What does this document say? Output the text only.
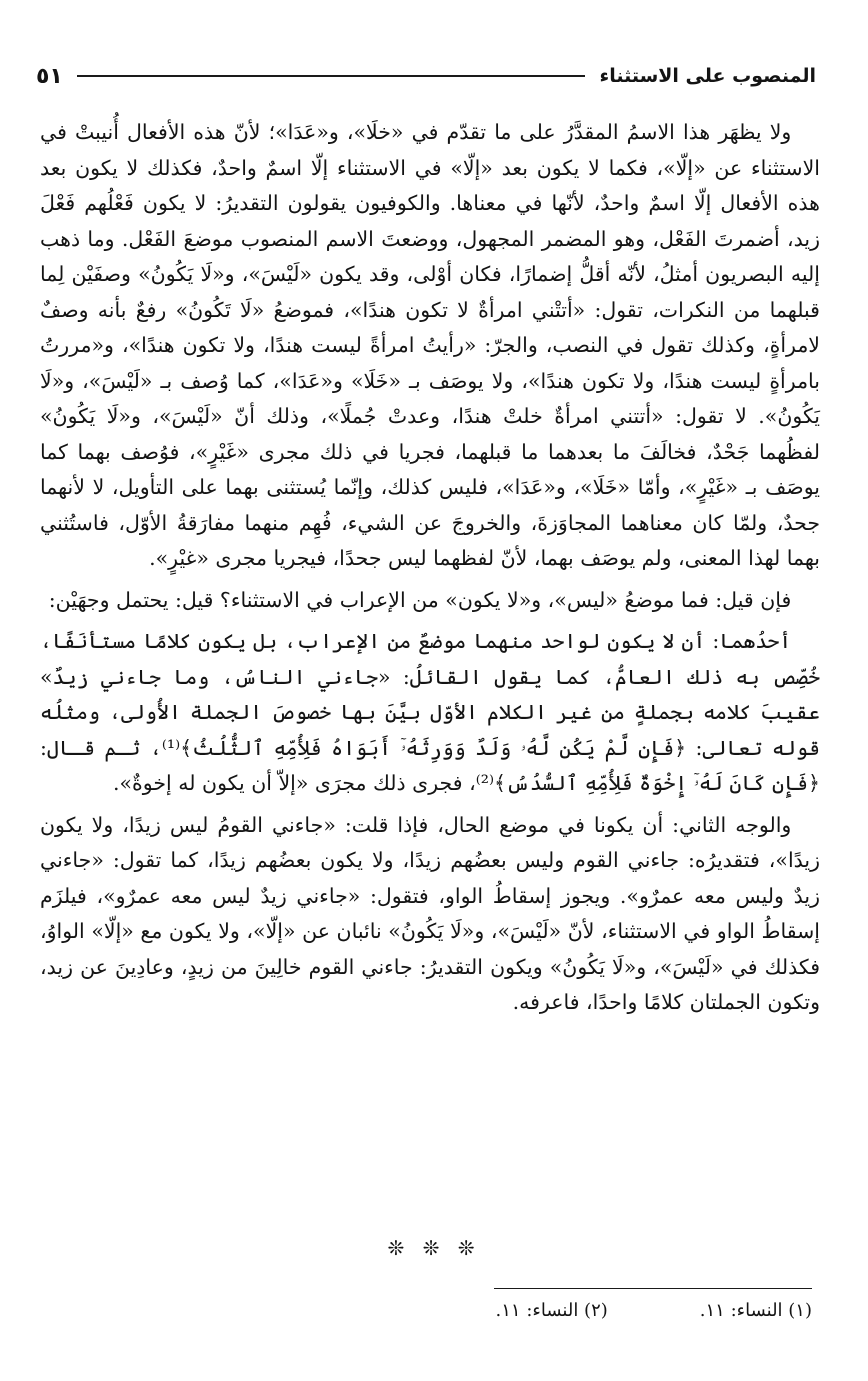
المنصوب على الاستثناء
٥١

ولا يظهَر هذا الاسمُ المقدَّرُ على ما تقدّم في «خلَا»، و«عَدَا»؛ لأنّ هذه الأفعال أُنيبتْ في الاستثناء عن «إلّا»، فكما لا يكون بعد «إلّا» في الاستثناء إلّا اسمٌ واحدٌ، فكذلك لا يكون بعد هذه الأفعال إلّا اسمٌ واحدٌ، لأنّها في معناها. والكوفيون يقولون التقديرُ: لا يكون فَعْلُهم فَعْلَ زيد، أضمرتَ الفَعْل، وهو المضمر المجهول، ووضعتَ الاسم المنصوب موضعَ الفَعْل. وما ذهب إليه البصريون أمثلُ، لأنّه أقلُّ إضمارًا، فكان أوْلى، وقد يكون «لَيْسَ»، و«لَا يَكُونُ» وصفَيْن لِما قبلهما من النكرات، تقول: «أتتْني امرأةٌ لا تكون هندًا»، فموضعُ «لَا تَكُونُ» رفعٌ بأنه وصفٌ لامرأةٍ، وكذلك تقول في النصب، والجرّ: «رأيتُ امرأةً ليست هندًا، ولا تكون هندًا»، و«مررتُ بامرأةٍ ليست هندًا، ولا تكون هندًا»، ولا يوصَف بـ «خَلَا» و«عَدَا»، كما وُصف بـ «لَيْسَ»، و«لَا يَكُونُ». لا تقول: «أتتني امرأةٌ خلتْ هندًا، وعدتْ جُملًا»، وذلك أنّ «لَيْسَ»، و«لَا يَكُونُ» لفظُهما جَحْدٌ، فخالَفَ ما بعدهما ما قبلهما، فجريا في ذلك مجرى «غَيْرٍ»، فوُصف بهما كما يوصَف بـ «غَيْرٍ»، وأمّا «خَلَا»، و«عَدَا»، فليس كذلك، وإنّما يُستثنى بهما على التأويل، لا لأنهما جحدٌ، ولمّا كان معناهما المجاوَزةَ، والخروجَ عن الشيء، فُهِم منهما مفارَقةُ الأوّل، فاستُثني بهما لهذا المعنى، ولم يوصَف بهما، لأنّ لفظهما ليس جحدًا، فيجريا مجرى «غيْرٍ».

فإن قيل: فما موضعُ «ليس»، و«لا يكون» من الإعراب في الاستثناء؟ قيل: يحتمل وجهَيْن:

أحدُهما: أن لا يكون لواحد منهما موضعٌ من الإعراب، بل يكون كلامًا مستأنَفًا، خُصِّص به ذلك العامُّ، كما يقول القائلُ: «جاءني الناسُ، وما جاءني زيدٌ» عقيبَ كلامه بجملةٍ من غير الكلام الأوّل بيَّنَ بها خصوصَ الجملة الأُولى، ومثلُه قوله تعالى: ﴿فَإِن لَّمْ يَكُن لَّهُۥ وَلَدٌ وَوَرِثَهُۥٓ أَبَوَاهُ فَلِأُمِّهِ ٱلثُّلُثُ﴾⁽¹⁾، ثـم قـال: ﴿فَإِن كَانَ لَهُۥٓ إِخْوَةٌ فَلِأُمِّهِ ٱلسُّدُسُ﴾⁽²⁾، فجرى ذلك مجرَى «إلاّ أن يكون له إخوةٌ».

والوجه الثاني: أن يكونا في موضع الحال، فإذا قلت: «جاءني القومُ ليس زيدًا، ولا يكون زيدًا»، فتقديرُه: جاءني القوم وليس بعضُهم زيدًا، ولا يكون بعضُهم زيدًا، كما تقول: «جاءني زيدٌ وليس معه عمرٌو». ويجوز إسقاطُ الواو، فتقول: «جاءني زيدٌ ليس معه عمرٌو»، فيلزَم إسقاطُ الواو في الاستثناء، لأنّ «لَيْسَ»، و«لَا يَكُونُ» نائبان عن «إلّا»، ولا يكون مع «إلّا» الواوُ، فكذلك في «لَيْسَ»، و«لَا يَكُونُ» ويكون التقديرُ: جاءني القوم خالِينَ من زيدٍ، وعادِينَ عن زيد، وتكون الجملتان كلامًا واحدًا، فاعرفه.

❊ ❊ ❊
(١) النساء: ١١.
(٢) النساء: ١١.
